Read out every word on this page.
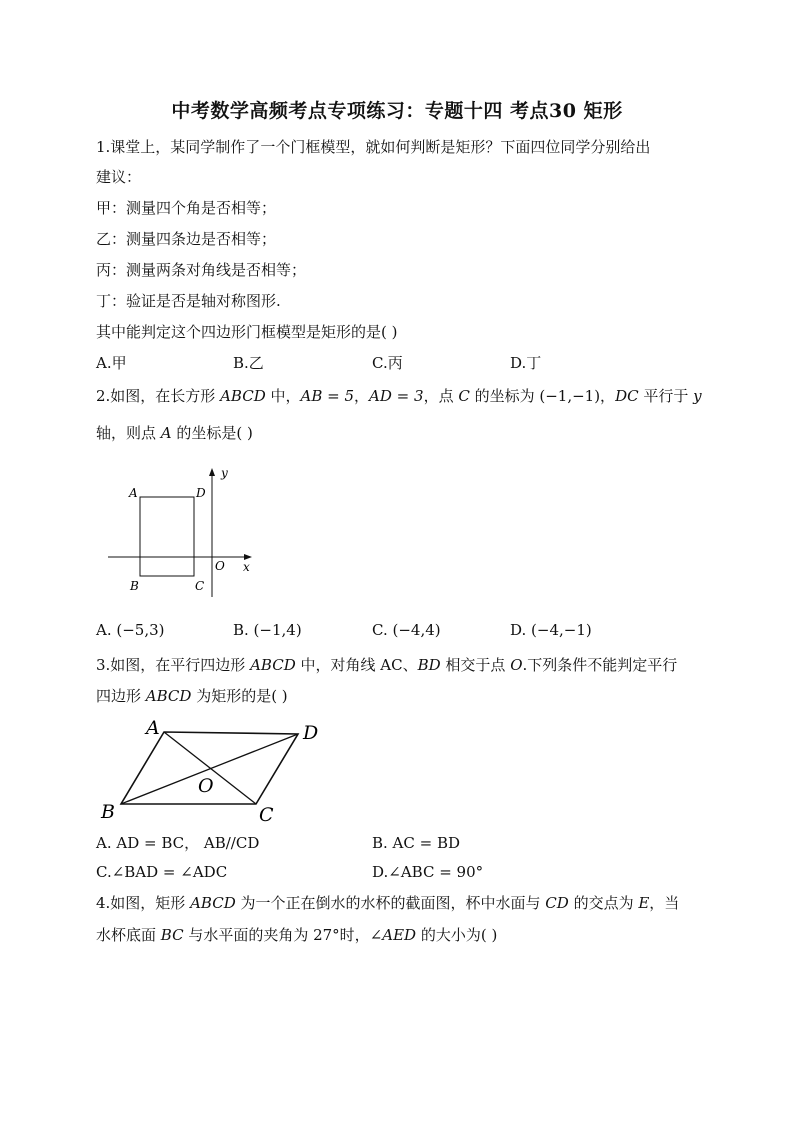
中考数学高频考点专项练习：专题十四 考点30 矩形
1.课堂上，某同学制作了一个门框模型，就如何判断是矩形？下面四位同学分别给出
建议：
甲：测量四个角是否相等；
乙：测量四条边是否相等；
丙：测量两条对角线是否相等；
丁：验证是否是轴对称图形.
其中能判定这个四边形门框模型是矩形的是( )
A.甲	B.乙	C.丙	D.丁
2.如图，在长方形 ABCD 中，AB = 5，AD = 3，点 C 的坐标为 (−1,−1)，DC 平行于 y
轴，则点 A 的坐标是( )
A	D
B	C
O x
y
A. (−5,3)	B. (−1,4)	C. (−4,4)	D. (−4,−1)
3.如图，在平行四边形 ABCD 中，对角线 AC、BD 相交于点 O.下列条件不能判定平行
四边形 ABCD 为矩形的是( )
A	D
B	C
O
A. AD = BC， AB//CD	B. AC = BD
C.∠BAD = ∠ADC	D.∠ABC = 90°
4.如图，矩形 ABCD 为一个正在倒水的水杯的截面图，杯中水面与 CD 的交点为 E，当
水杯底面 BC 与水平面的夹角为 27°时，∠AED 的大小为( )
